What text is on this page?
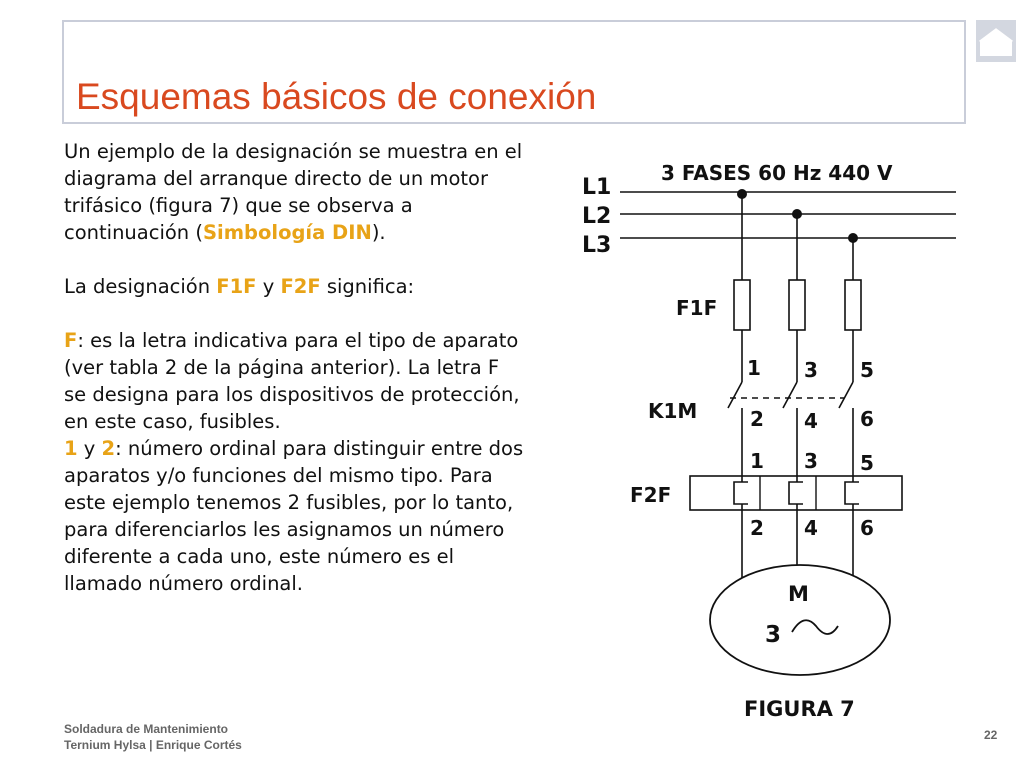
Esquemas básicos de conexión

Un ejemplo de la designación se muestra en el diagrama del arranque directo de un motor trifásico (figura 7) que se observa a continuación (Simbología DIN).

La designación F1F y F2F significa:

F: es la letra indicativa para el tipo de aparato (ver tabla 2 de la página anterior). La letra F se designa para los dispositivos de protección, en este caso, fusibles.

1 y 2: número ordinal para distinguir entre dos aparatos y/o funciones del mismo tipo. Para este ejemplo tenemos 2 fusibles, por lo tanto, para diferenciarlos les asignamos un número diferente a cada uno, este número es el llamado número ordinal.

3 FASES 60 Hz 440 V
L1
L2
L3
F1F
1 3 5
K1M	2 4 6
1 3 5
F2F
2 4 6
M
3
FIGURA 7
Soldadura de Mantenimiento
Ternium Hylsa | Enrique Cortés
22
